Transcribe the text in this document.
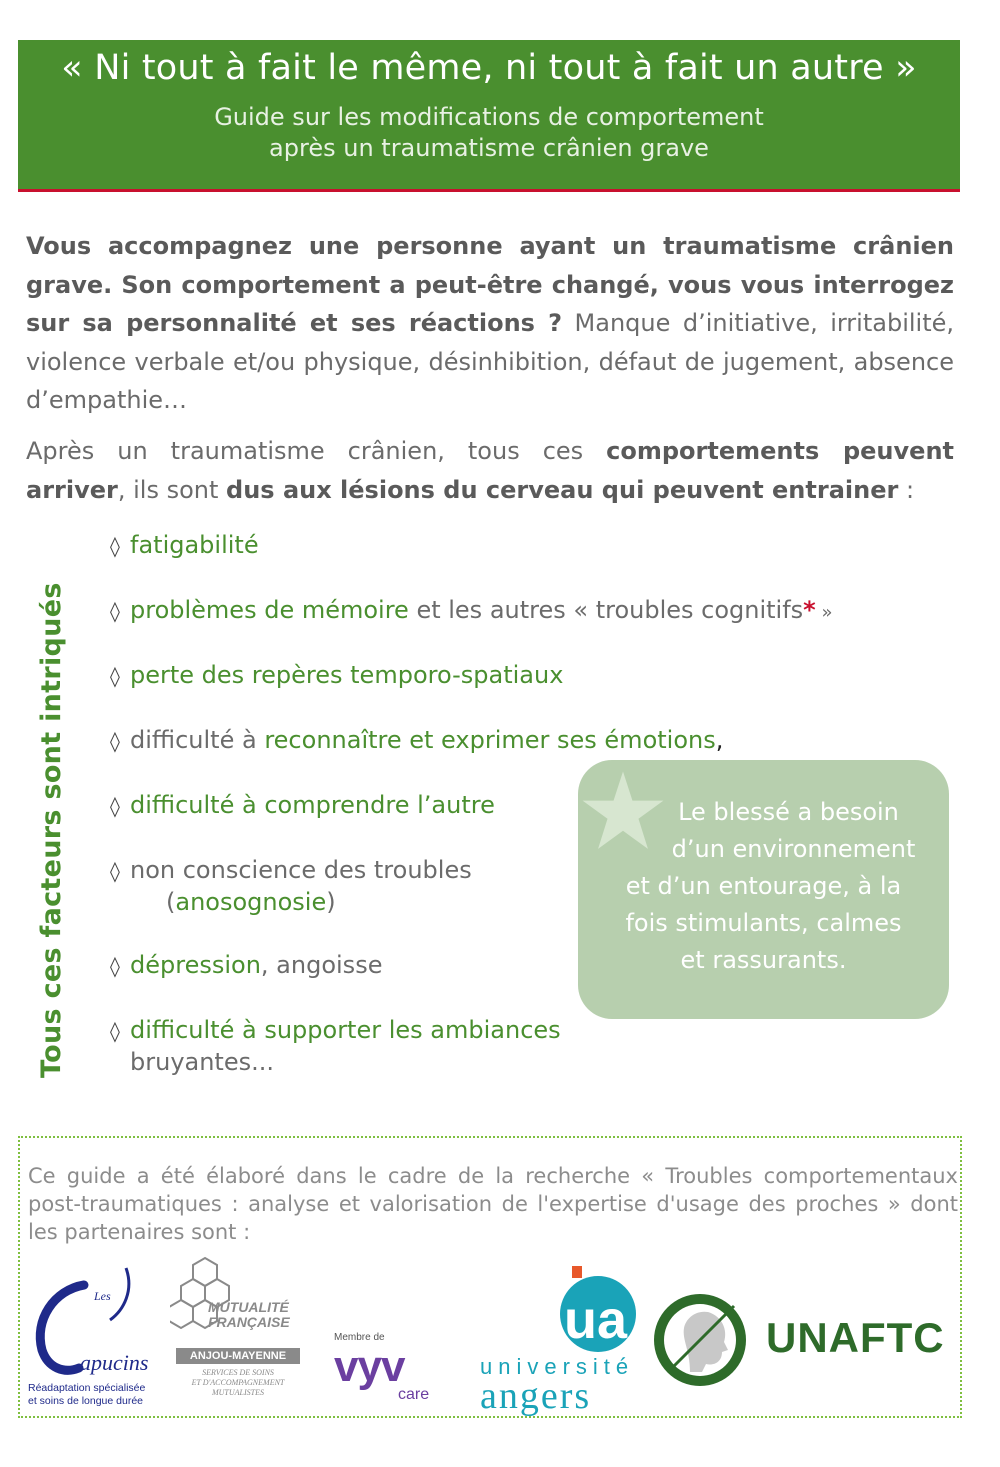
« Ni tout à fait le même, ni tout à fait un autre »
Guide sur les modifications de comportement
après un traumatisme crânien grave
Vous accompagnez une personne ayant un traumatisme crânien grave. Son comportement a peut-être changé, vous vous interrogez sur sa personnalité et ses réactions ? Manque d’initiative, irritabilité, violence verbale et/ou physique, désinhibition, défaut de jugement, absence d’empathie…
Après un traumatisme crânien, tous ces comportements peuvent arriver, ils sont dus aux lésions du cerveau qui peuvent entrainer :
Tous ces facteurs sont intriqués
◊ fatigabilité
◊ problèmes de mémoire et les autres « troubles cognitifs* »
◊ perte des repères temporo-spatiaux
◊ difficulté à reconnaître et exprimer ses émotions,
◊ difficulté à comprendre l’autre
◊ non conscience des troubles
(anosognosie)
◊ dépression, angoisse
◊ difficulté à supporter les ambiances
bruyantes...
Le blessé a besoin
d’un environnement
et d’un entourage, à la
fois stimulants, calmes
et rassurants.
Ce guide a été élaboré dans le cadre de la recherche « Troubles comportementaux post-traumatiques : analyse et valorisation de l'expertise d'usage des proches » dont les partenaires sont :
Les
apucins
Réadaptation spécialisée
et soins de longue durée
MUTUALITÉ
FRANÇAISE
ANJOU-MAYENNE
SERVICES DE SOINS
ET D'ACCOMPAGNEMENT
MUTUALISTES
Membre de
vyv
care
ua
université
angers
UNAFTC
